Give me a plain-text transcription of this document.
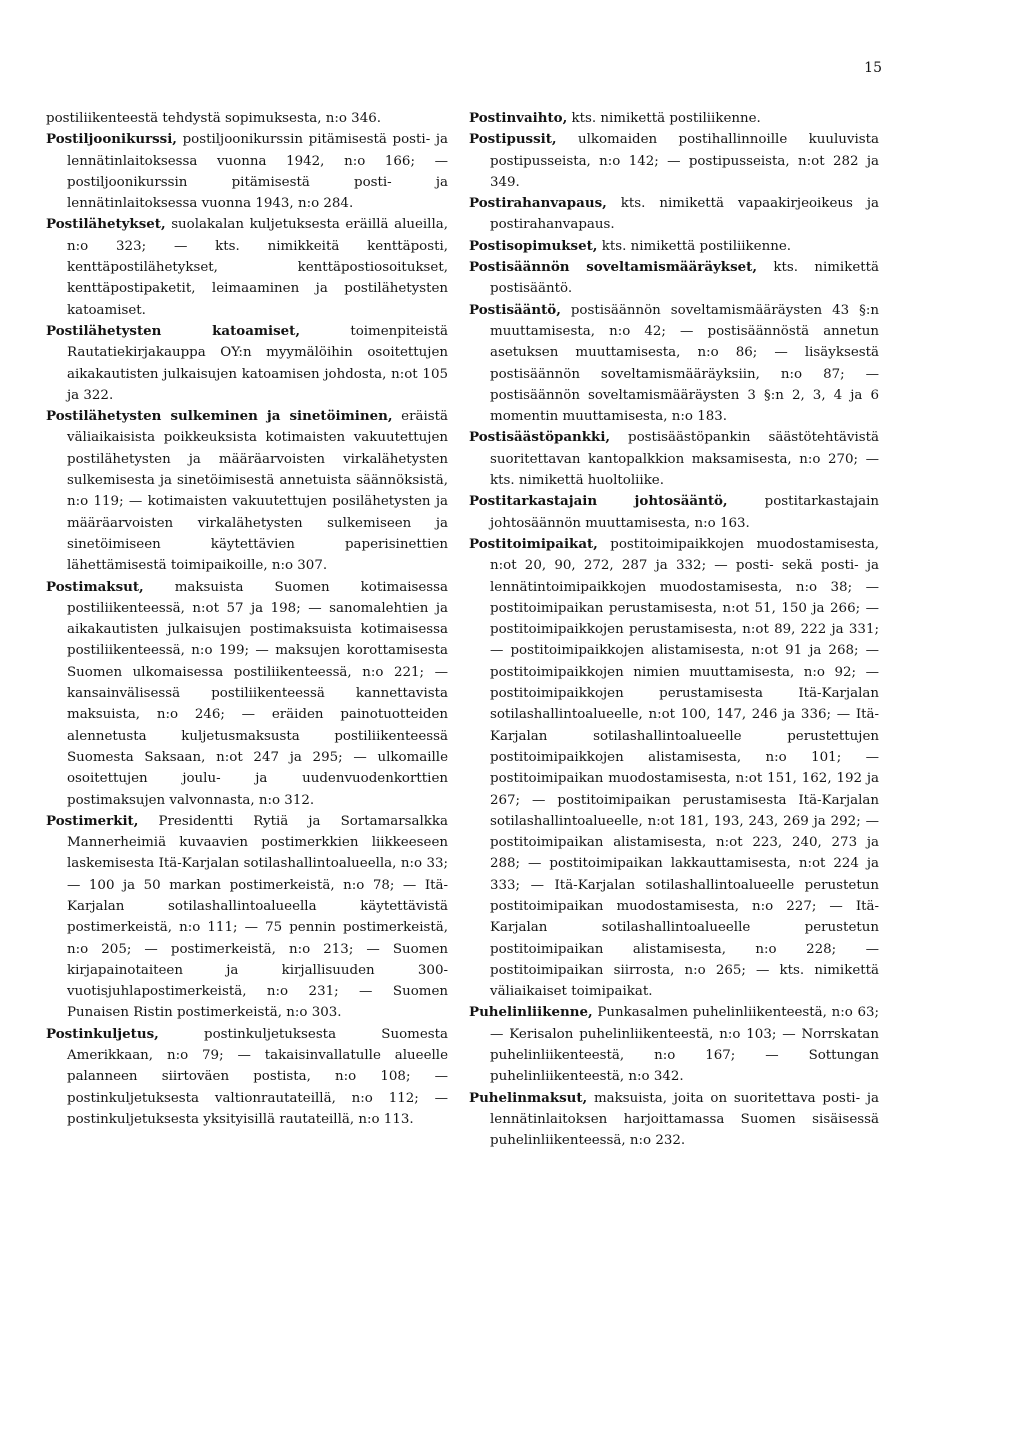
15

postiliikenteestä tehdystä sopimuksesta, n:o 346.

Postiljoonikurssi, postiljoonikurssin pitämisestä posti- ja lennätinlaitoksessa vuonna 1942, n:o 166; — postiljoonikurssin pitämisestä posti- ja lennätinlaitoksessa vuonna 1943, n:o 284.

Postilähetykset, suolakalan kuljetuksesta eräillä alueilla, n:o 323; — kts. nimikkeitä kenttäposti, kenttäpostilähetykset, kenttäpostiosoitukset, kenttäpostipaketit, leimaaminen ja postilähetysten katoamiset.

Postilähetysten katoamiset, toimenpiteistä Rautatiekirjakauppa OY:n myymälöihin osoitettujen aikakautisten julkaisujen katoamisen johdosta, n:ot 105 ja 322.

Postilähetysten sulkeminen ja sinetöiminen, eräistä väliaikaisista poikkeuksista kotimaisten vakuutettujen postilähetysten ja määräarvoisten virkalähetysten sulkemisesta ja sinetöimisestä annetuista säännöksistä, n:o 119; — kotimaisten vakuutettujen posilähetysten ja määräarvoisten virkalähetysten sulkemiseen ja sinetöimiseen käytettävien paperisinettien lähettämisestä toimipaikoille, n:o 307.

Postimaksut, maksuista Suomen kotimaisessa postiliikenteessä, n:ot 57 ja 198; — sanomalehtien ja aikakautisten julkaisujen postimaksuista kotimaisessa postiliikenteessä, n:o 199; — maksujen korottamisesta Suomen ulkomaisessa postiliikenteessä, n:o 221; — kansainvälisessä postiliikenteessä kannettavista maksuista, n:o 246; — eräiden painotuotteiden alennetusta kuljetusmaksusta postiliikenteessä Suomesta Saksaan, n:ot 247 ja 295; — ulkomaille osoitettujen joulu- ja uudenvuodenkorttien postimaksujen valvonnasta, n:o 312.

Postimerkit, Presidentti Rytiä ja Sortamarsalkka Mannerheimiä kuvaavien postimerkkien liikkeeseen laskemisesta Itä-Karjalan sotilashallintoalueella, n:o 33; — 100 ja 50 markan postimerkeistä, n:o 78; — Itä-Karjalan sotilashallintoalueella käytettävistä postimerkeistä, n:o 111; — 75 pennin postimerkeistä, n:o 205; — postimerkeistä, n:o 213; — Suomen kirjapainotaiteen ja kirjallisuuden 300-vuotisjuhlapostimerkeistä, n:o 231; — Suomen Punaisen Ristin postimerkeistä, n:o 303.

Postinkuljetus, postinkuljetuksesta Suomesta Amerikkaan, n:o 79; — takaisinvallatulle alueelle palanneen siirtoväen postista, n:o 108; — postinkuljetuksesta valtionrautateillä, n:o 112; — postinkuljetuksesta yksityisillä rautateillä, n:o 113.

Postinvaihto, kts. nimikettä postiliikenne.

Postipussit, ulkomaiden postihallinnoille kuuluvista postipusseista, n:o 142; — postipusseista, n:ot 282 ja 349.

Postirahanvapaus, kts. nimikettä vapaakirjeoikeus ja postirahanvapaus.

Postisopimukset, kts. nimikettä postiliikenne.

Postisäännön soveltamismääräykset, kts. nimikettä postisääntö.

Postisääntö, postisäännön soveltamismääräysten 43 §:n muuttamisesta, n:o 42; — postisäännöstä annetun asetuksen muuttamisesta, n:o 86; — lisäyksestä postisäännön soveltamismääräyksiin, n:o 87; — postisäännön soveltamismääräysten 3 §:n 2, 3, 4 ja 6 momentin muuttamisesta, n:o 183.

Postisäästöpankki, postisäästöpankin säästötehtävistä suoritettavan kantopalkkion maksamisesta, n:o 270; — kts. nimikettä huoltoliike.

Postitarkastajain johtosääntö, postitarkastajain johtosäännön muuttamisesta, n:o 163.

Postitoimipaikat, postitoimipaikkojen muodostamisesta, n:ot 20, 90, 272, 287 ja 332; — posti- sekä posti- ja lennätintoimipaikkojen muodostamisesta, n:o 38; — postitoimipaikan perustamisesta, n:ot 51, 150 ja 266; — postitoimipaikkojen perustamisesta, n:ot 89, 222 ja 331; — postitoimipaikkojen alistamisesta, n:ot 91 ja 268; — postitoimipaikkojen nimien muuttamisesta, n:o 92; — postitoimipaikkojen perustamisesta Itä-Karjalan sotilashallintoalueelle, n:ot 100, 147, 246 ja 336; — Itä-Karjalan sotilashallintoalueelle perustettujen postitoimipaikkojen alistamisesta, n:o 101; — postitoimipaikan muodostamisesta, n:ot 151, 162, 192 ja 267; — postitoimipaikan perustamisesta Itä-Karjalan sotilashallintoalueelle, n:ot 181, 193, 243, 269 ja 292; — postitoimipaikan alistamisesta, n:ot 223, 240, 273 ja 288; — postitoimipaikan lakkauttamisesta, n:ot 224 ja 333; — Itä-Karjalan sotilashallintoalueelle perustetun postitoimipaikan muodostamisesta, n:o 227; — Itä-Karjalan sotilashallintoalueelle perustetun postitoimipaikan alistamisesta, n:o 228; — postitoimipaikan siirrosta, n:o 265; — kts. nimikettä väliaikaiset toimipaikat.

Puhelinliikenne, Punkasalmen puhelinliikenteestä, n:o 63; — Kerisalon puhelinliikenteestä, n:o 103; — Norrskatan puhelinliikenteestä, n:o 167; — Sottungan puhelinliikenteestä, n:o 342.

Puhelinmaksut, maksuista, joita on suoritettava posti- ja lennätinlaitoksen harjoittamassa Suomen sisäisessä puhelinliikenteessä, n:o 232.
